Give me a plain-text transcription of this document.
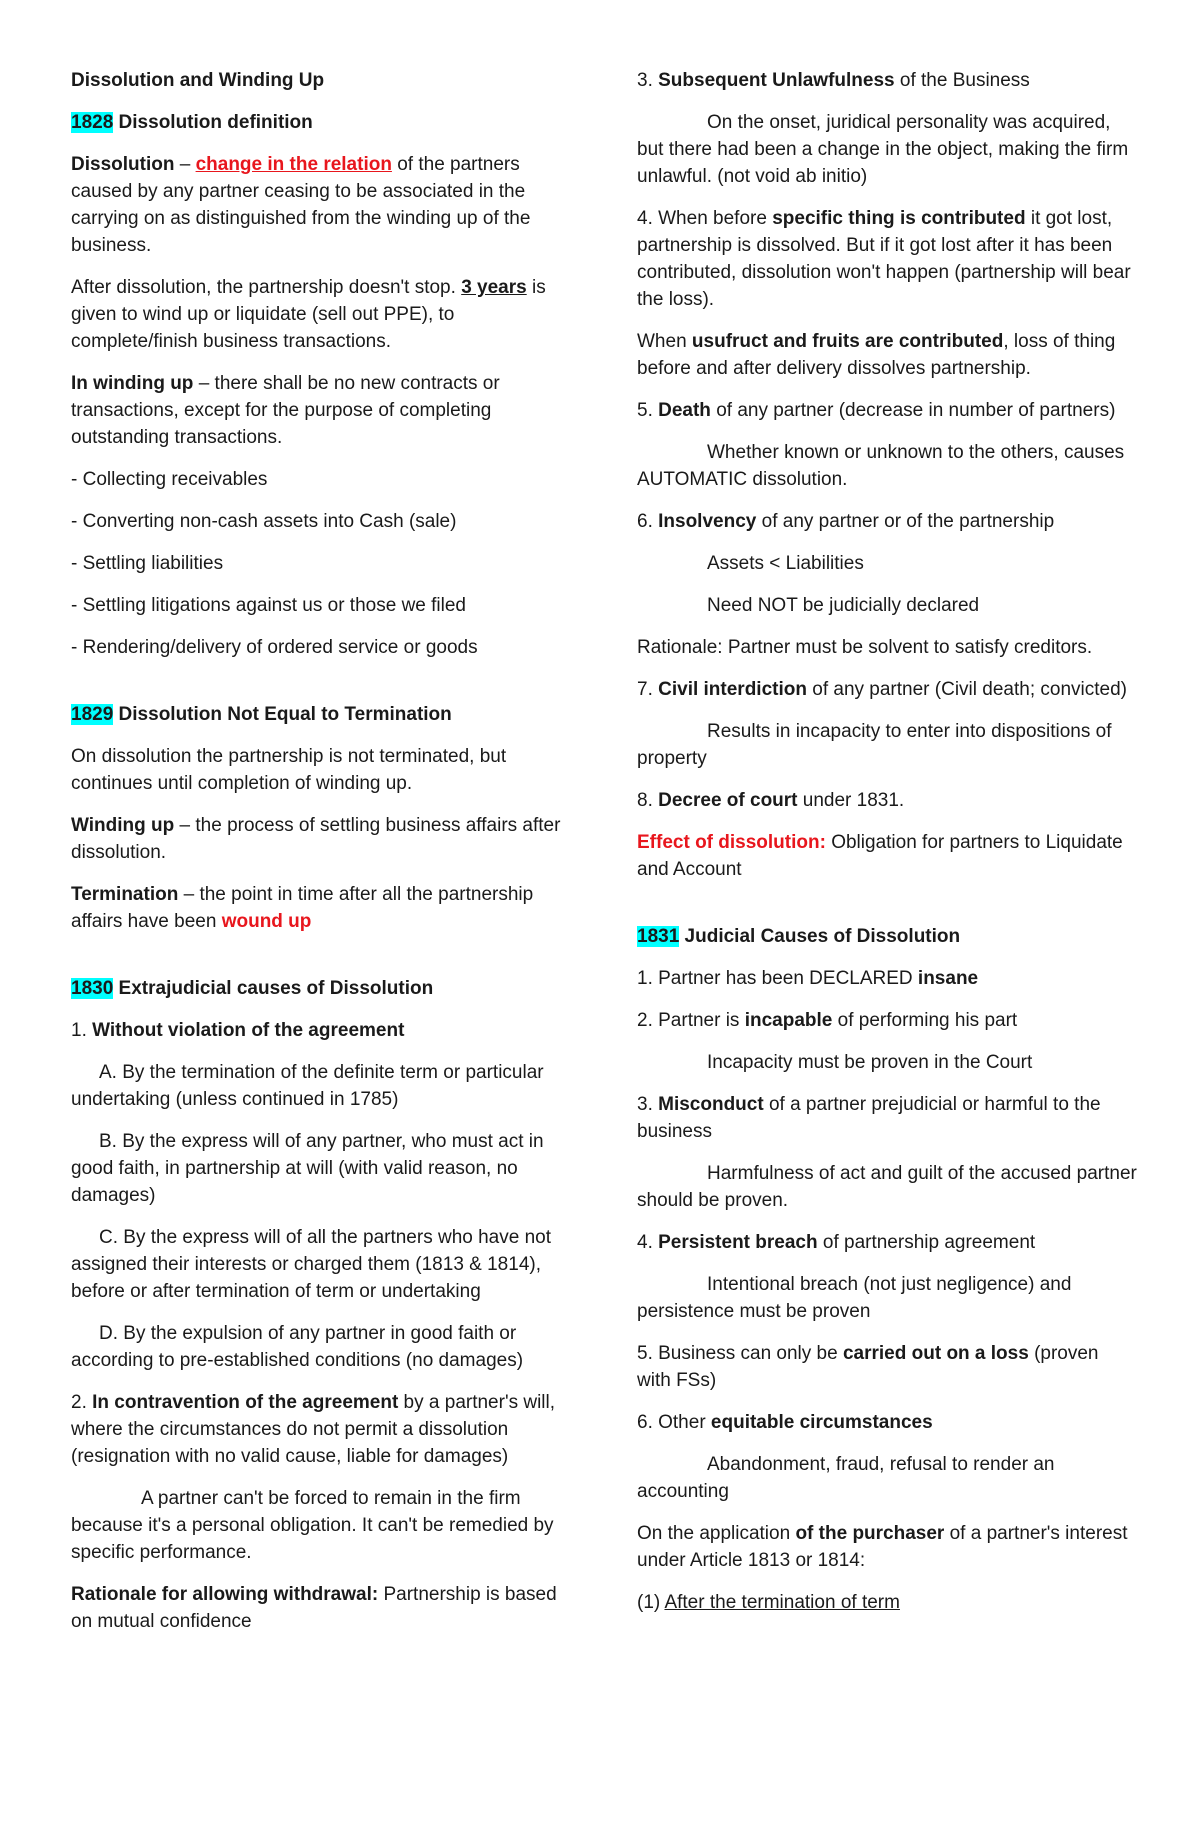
Dissolution and Winding Up

1828 Dissolution definition

Dissolution – change in the relation of the partners caused by any partner ceasing to be associated in the carrying on as distinguished from the winding up of the business.

After dissolution, the partnership doesn't stop. 3 years is given to wind up or liquidate (sell out PPE), to complete/finish business transactions.

In winding up – there shall be no new contracts or transactions, except for the purpose of completing outstanding transactions.

- Collecting receivables

- Converting non-cash assets into Cash (sale)

- Settling liabilities

- Settling litigations against us or those we filed

- Rendering/delivery of ordered service or goods

1829 Dissolution Not Equal to Termination

On dissolution the partnership is not terminated, but continues until completion of winding up.

Winding up – the process of settling business affairs after dissolution.

Termination – the point in time after all the partnership affairs have been wound up

1830 Extrajudicial causes of Dissolution

1. Without violation of the agreement

A. By the termination of the definite term or particular undertaking (unless continued in 1785)

B. By the express will of any partner, who must act in good faith, in partnership at will (with valid reason, no damages)

C. By the express will of all the partners who have not assigned their interests or charged them (1813 & 1814), before or after termination of term or undertaking

D. By the expulsion of any partner in good faith or according to pre-established conditions (no damages)

2. In contravention of the agreement by a partner's will, where the circumstances do not permit a dissolution (resignation with no valid cause, liable for damages)

A partner can't be forced to remain in the firm because it's a personal obligation. It can't be remedied by specific performance.

Rationale for allowing withdrawal: Partnership is based on mutual confidence

3. Subsequent Unlawfulness of the Business

On the onset, juridical personality was acquired, but there had been a change in the object, making the firm unlawful. (not void ab initio)

4. When before specific thing is contributed it got lost, partnership is dissolved. But if it got lost after it has been contributed, dissolution won't happen (partnership will bear the loss).

When usufruct and fruits are contributed, loss of thing before and after delivery dissolves partnership.

5. Death of any partner (decrease in number of partners)

Whether known or unknown to the others, causes AUTOMATIC dissolution.

6. Insolvency of any partner or of the partnership

Assets < Liabilities

Need NOT be judicially declared

Rationale: Partner must be solvent to satisfy creditors.

7. Civil interdiction of any partner (Civil death; convicted)

Results in incapacity to enter into dispositions of property

8. Decree of court under 1831.

Effect of dissolution: Obligation for partners to Liquidate and Account

1831 Judicial Causes of Dissolution

1. Partner has been DECLARED insane

2. Partner is incapable of performing his part

Incapacity must be proven in the Court

3. Misconduct of a partner prejudicial or harmful to the business

Harmfulness of act and guilt of the accused partner should be proven.

4. Persistent breach of partnership agreement

Intentional breach (not just negligence) and persistence must be proven

5. Business can only be carried out on a loss (proven with FSs)

6. Other equitable circumstances

Abandonment, fraud, refusal to render an accounting

On the application of the purchaser of a partner's interest under Article 1813 or 1814:

(1) After the termination of term
